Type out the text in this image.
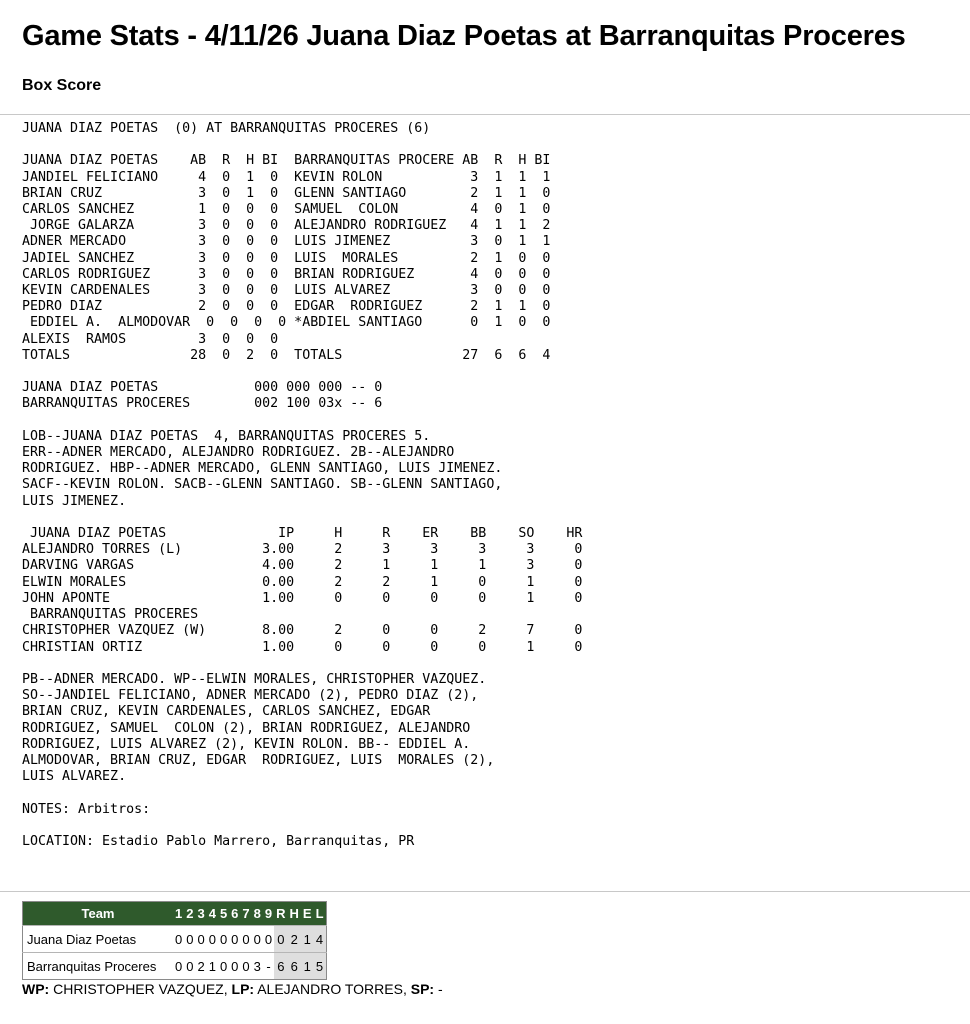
Game Stats - 4/11/26 Juana Diaz Poetas at Barranquitas Proceres
Box Score
JUANA DIAZ POETAS  (0) AT BARRANQUITAS PROCERES (6)

JUANA DIAZ POETAS    AB  R  H BI  BARRANQUITAS PROCERE AB  R  H BI
JANDIEL FELICIANO     4  0  1  0  KEVIN ROLON           3  1  1  1
BRIAN CRUZ            3  0  1  0  GLENN SANTIAGO        2  1  1  0
CARLOS SANCHEZ        1  0  0  0  SAMUEL  COLON         4  0  1  0
JORGE GALARZA        3  0  0  0  ALEJANDRO RODRIGUEZ   4  1  1  2
ADNER MERCADO         3  0  0  0  LUIS JIMENEZ          3  0  1  1
JADIEL SANCHEZ        3  0  0  0  LUIS  MORALES         2  1  0  0
CARLOS RODRIGUEZ      3  0  0  0  BRIAN RODRIGUEZ       4  0  0  0
KEVIN CARDENALES      3  0  0  0  LUIS ALVAREZ          3  0  0  0
PEDRO DIAZ            2  0  0  0  EDGAR  RODRIGUEZ      2  1  1  0
EDDIEL A.  ALMODOVAR  0  0  0  0 *ABDIEL SANTIAGO      0  1  0  0
ALEXIS  RAMOS         3  0  0  0
TOTALS               28  0  2  0  TOTALS               27  6  6  4

JUANA DIAZ POETAS            000 000 000 -- 0
BARRANQUITAS PROCERES        002 100 03x -- 6

LOB--JUANA DIAZ POETAS  4, BARRANQUITAS PROCERES 5.
ERR--ADNER MERCADO, ALEJANDRO RODRIGUEZ. 2B--ALEJANDRO
RODRIGUEZ. HBP--ADNER MERCADO, GLENN SANTIAGO, LUIS JIMENEZ.
SACF--KEVIN ROLON. SACB--GLENN SANTIAGO. SB--GLENN SANTIAGO,
LUIS JIMENEZ.

JUANA DIAZ POETAS              IP     H     R    ER    BB    SO    HR
ALEJANDRO TORRES (L)          3.00     2     3     3     3     3     0
DARVING VARGAS                4.00     2     1     1     1     3     0
ELWIN MORALES                 0.00     2     2     1     0     1     0
JOHN APONTE                   1.00     0     0     0     0     1     0
BARRANQUITAS PROCERES
CHRISTOPHER VAZQUEZ (W)       8.00     2     0     0     2     7     0
CHRISTIAN ORTIZ               1.00     0     0     0     0     1     0

PB--ADNER MERCADO. WP--ELWIN MORALES, CHRISTOPHER VAZQUEZ.
SO--JANDIEL FELICIANO, ADNER MERCADO (2), PEDRO DIAZ (2),
BRIAN CRUZ, KEVIN CARDENALES, CARLOS SANCHEZ, EDGAR
RODRIGUEZ, SAMUEL  COLON (2), BRIAN RODRIGUEZ, ALEJANDRO
RODRIGUEZ, LUIS ALVAREZ (2), KEVIN ROLON. BB-- EDDIEL A.
ALMODOVAR, BRIAN CRUZ, EDGAR  RODRIGUEZ, LUIS  MORALES (2),
LUIS ALVAREZ.

NOTES: Arbitros:

LOCATION: Estadio Pablo Marrero, Barranquitas, PR
Team	1	2	3	4	5	6	7	8	9	R	H	E	L
Juana Diaz Poetas	0	0	0	0	0	0	0	0	0	0	2	1	4
Barranquitas Proceres	0	0	2	1	0	0	0	3	-	6	6	1	5
WP: CHRISTOPHER VAZQUEZ, LP: ALEJANDRO TORRES, SP: -
